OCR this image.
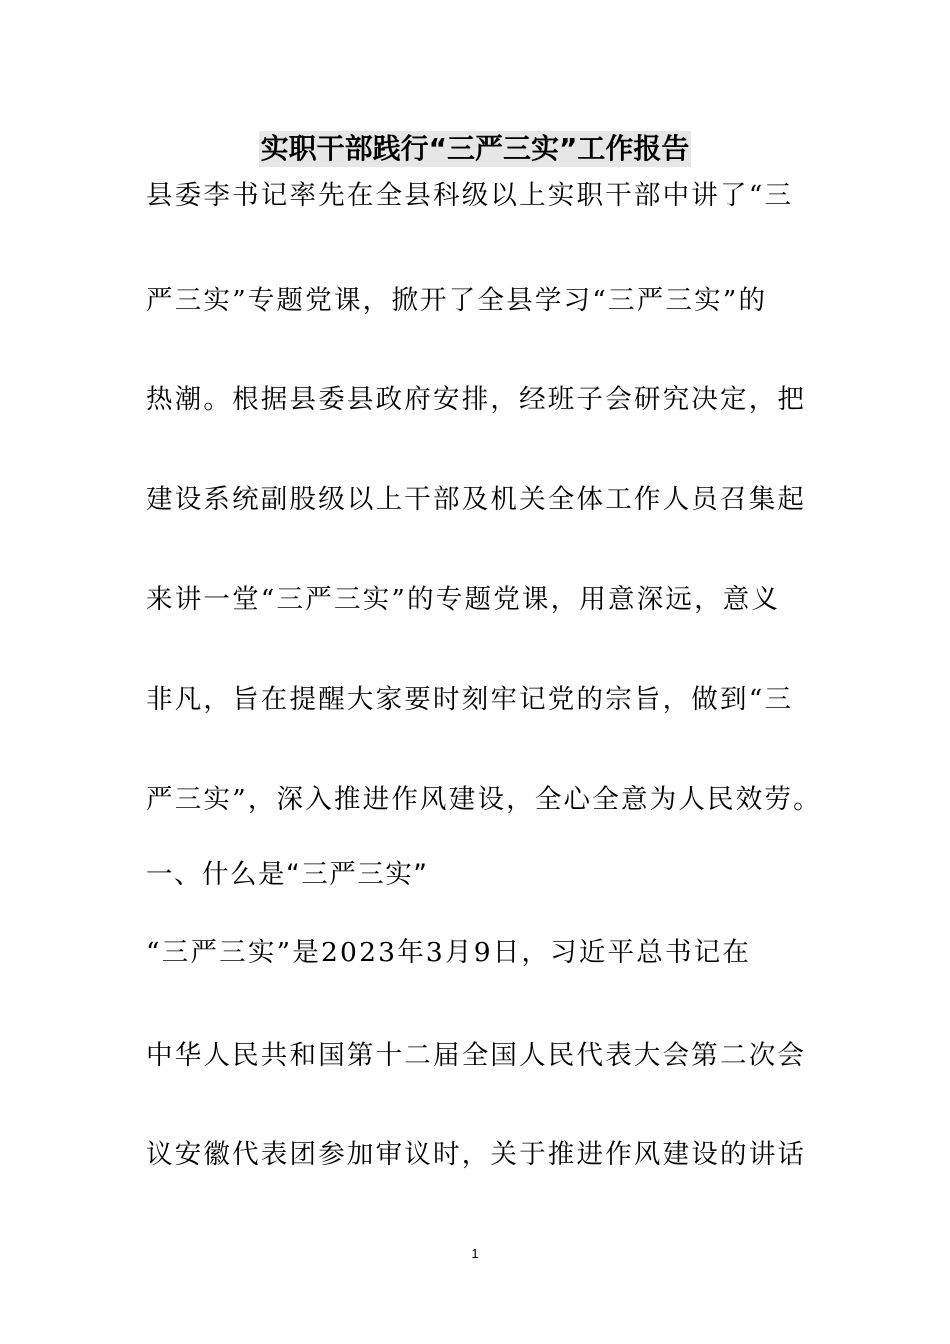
实职干部践行“三严三实”工作报告
县委李书记率先在全县科级以上实职干部中讲了“三
严三实”专题党课，掀开了全县学习“三严三实”的
热潮。根据县委县政府安排，经班子会研究决定，把
建设系统副股级以上干部及机关全体工作人员召集起
来讲一堂“三严三实”的专题党课，用意深远，意义
非凡，旨在提醒大家要时刻牢记党的宗旨，做到“三
严三实”，深入推进作风建设，全心全意为人民效劳。
一、什么是“三严三实”
“三严三实”是2023年3月9日，习近平总书记在
中华人民共和国第十二届全国人民代表大会第二次会
议安徽代表团参加审议时，关于推进作风建设的讲话
1
